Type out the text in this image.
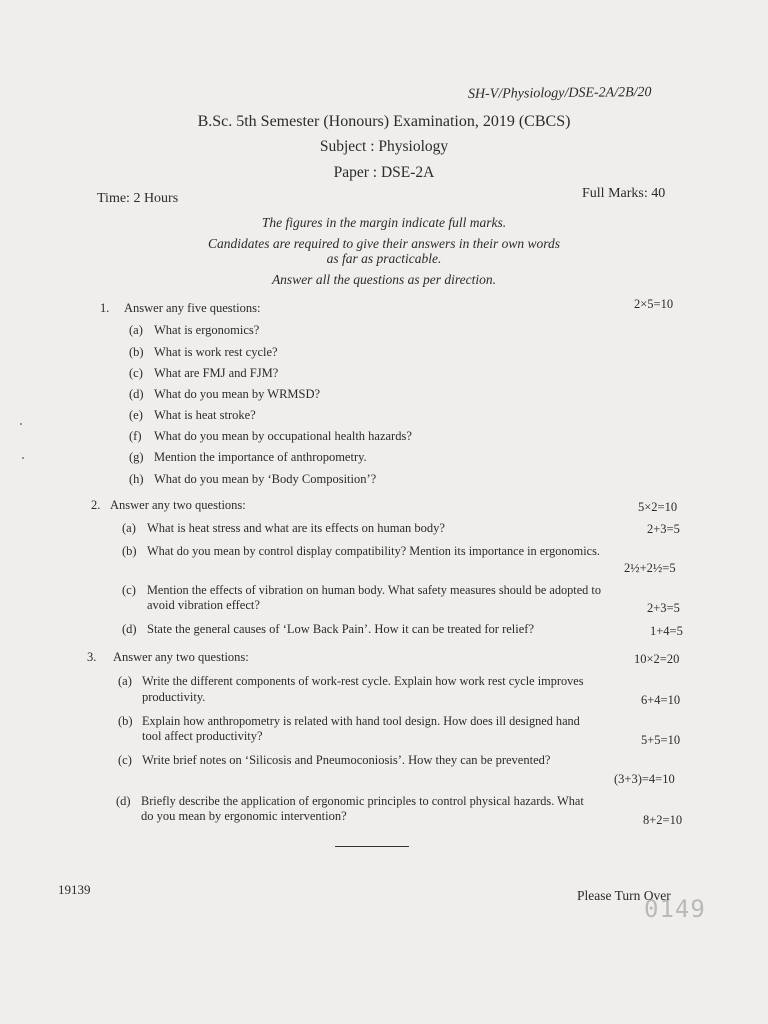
SH-V/Physiology/DSE-2A/2B/20
B.Sc. 5th Semester (Honours) Examination, 2019 (CBCS)
Subject : Physiology
Paper : DSE-2A
Time: 2 Hours	Full Marks: 40
The figures in the margin indicate full marks.
Candidates are required to give their answers in their own words
as far as practicable.
Answer all the questions as per direction.
1. Answer any five questions:	2×5=10
(a) What is ergonomics?
(b) What is work rest cycle?
(c) What are FMJ and FJM?
(d) What do you mean by WRMSD?
(e) What is heat stroke?
(f) What do you mean by occupational health hazards?
(g) Mention the importance of anthropometry.
(h) What do you mean by ‘Body Composition’?
2. Answer any two questions:	5×2=10
(a) What is heat stress and what are its effects on human body?	2+3=5
(b) What do you mean by control display compatibility? Mention its importance in ergonomics.
2½+2½=5
(c) Mention the effects of vibration on human body. What safety measures should be adopted to
avoid vibration effect?	2+3=5
(d) State the general causes of ‘Low Back Pain’. How it can be treated for relief?	1+4=5
3. Answer any two questions:	10×2=20
(a) Write the different components of work-rest cycle. Explain how work rest cycle improves
productivity.	6+4=10
(b) Explain how anthropometry is related with hand tool design. How does ill designed hand
tool affect productivity?	5+5=10
(c) Write brief notes on ‘Silicosis and Pneumoconiosis’. How they can be prevented?
(3+3)=4=10
(d) Briefly describe the application of ergonomic principles to control physical hazards. What
do you mean by ergonomic intervention?	8+2=10
19139
0149
Please Turn Over
